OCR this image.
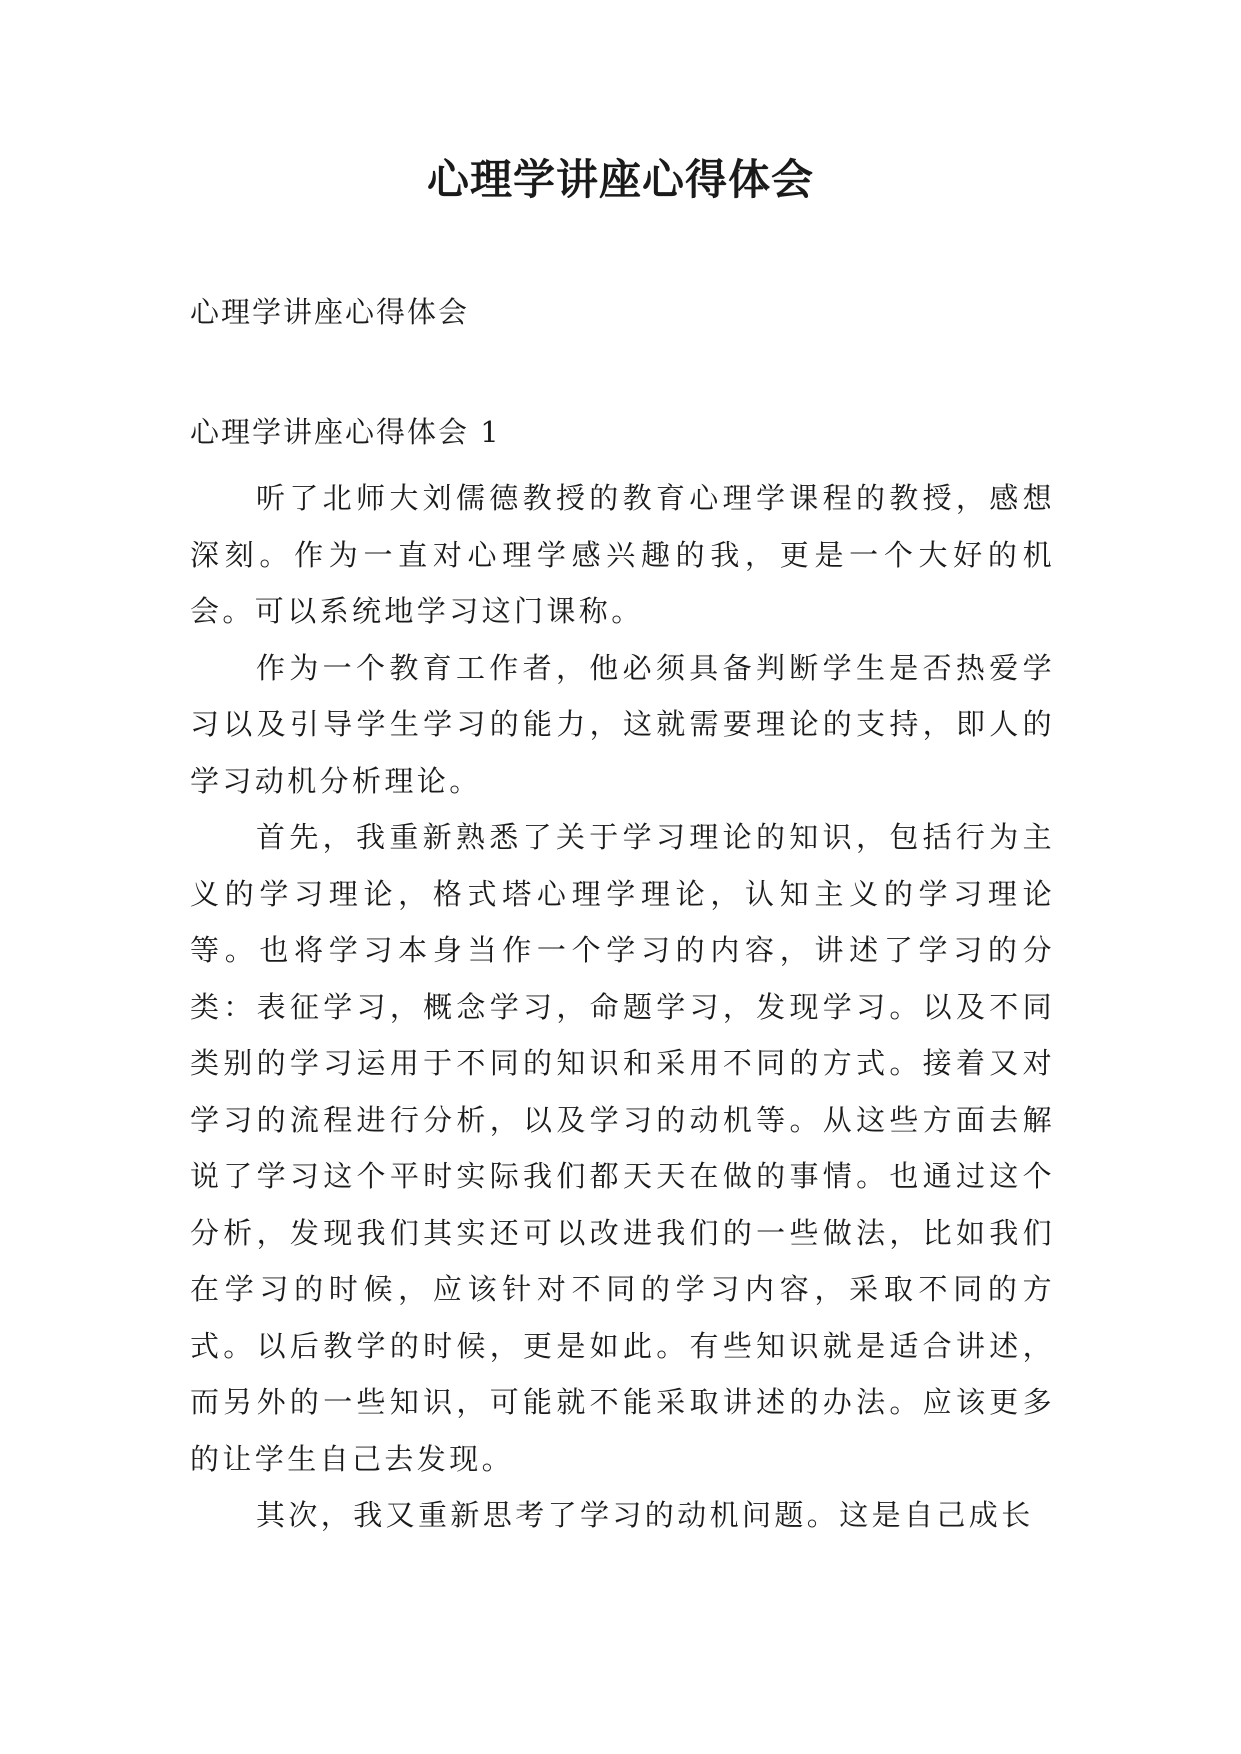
心理学讲座心得体会
心理学讲座心得体会
心理学讲座心得体会 1

听了北师大刘儒德教授的教育心理学课程的教授，感想深刻。作为一直对心理学感兴趣的我，更是一个大好的机会。可以系统地学习这门课称。

作为一个教育工作者，他必须具备判断学生是否热爱学习以及引导学生学习的能力，这就需要理论的支持，即人的学习动机分析理论。

首先，我重新熟悉了关于学习理论的知识，包括行为主义的学习理论，格式塔心理学理论，认知主义的学习理论等。也将学习本身当作一个学习的内容，讲述了学习的分类：表征学习，概念学习，命题学习，发现学习。以及不同类别的学习运用于不同的知识和采用不同的方式。接着又对学习的流程进行分析，以及学习的动机等。从这些方面去解说了学习这个平时实际我们都天天在做的事情。也通过这个分析，发现我们其实还可以改进我们的一些做法，比如我们在学习的时候，应该针对不同的学习内容，采取不同的方式。以后教学的时候，更是如此。有些知识就是适合讲述，而另外的一些知识，可能就不能采取讲述的办法。应该更多的让学生自己去发现。

其次，我又重新思考了学习的动机问题。这是自己成长
